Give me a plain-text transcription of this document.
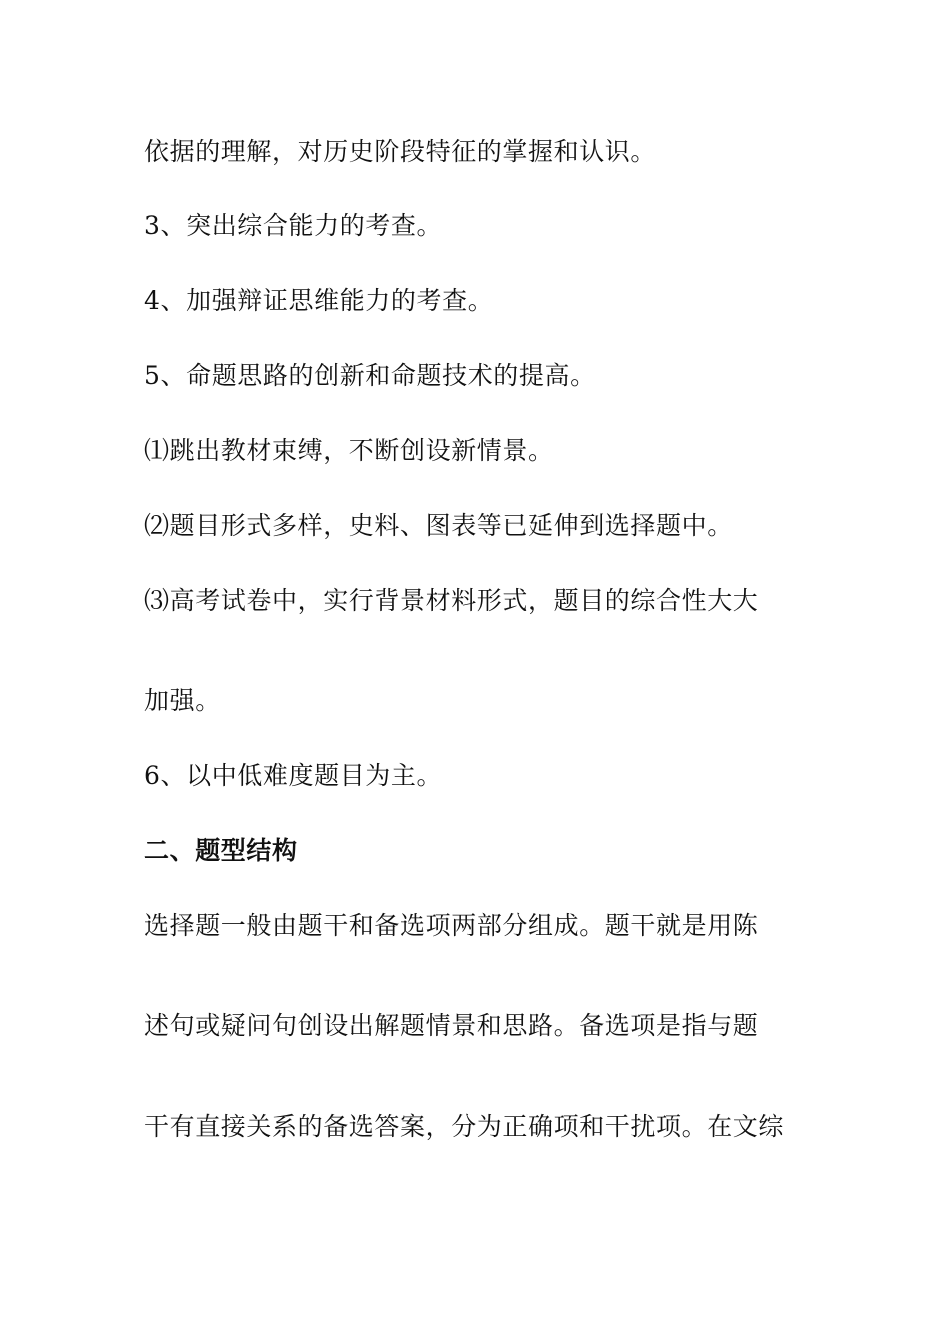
依据的理解，对历史阶段特征的掌握和认识。

3、突出综合能力的考查。

4、加强辩证思维能力的考查。

5、命题思路的创新和命题技术的提高。

⑴跳出教材束缚，不断创设新情景。

⑵题目形式多样，史料、图表等已延伸到选择题中。

⑶高考试卷中，实行背景材料形式，题目的综合性大大

加强。

6、以中低难度题目为主。

二、题型结构

选择题一般由题干和备选项两部分组成。题干就是用陈

述句或疑问句创设出解题情景和思路。备选项是指与题

干有直接关系的备选答案，分为正确项和干扰项。在文综
